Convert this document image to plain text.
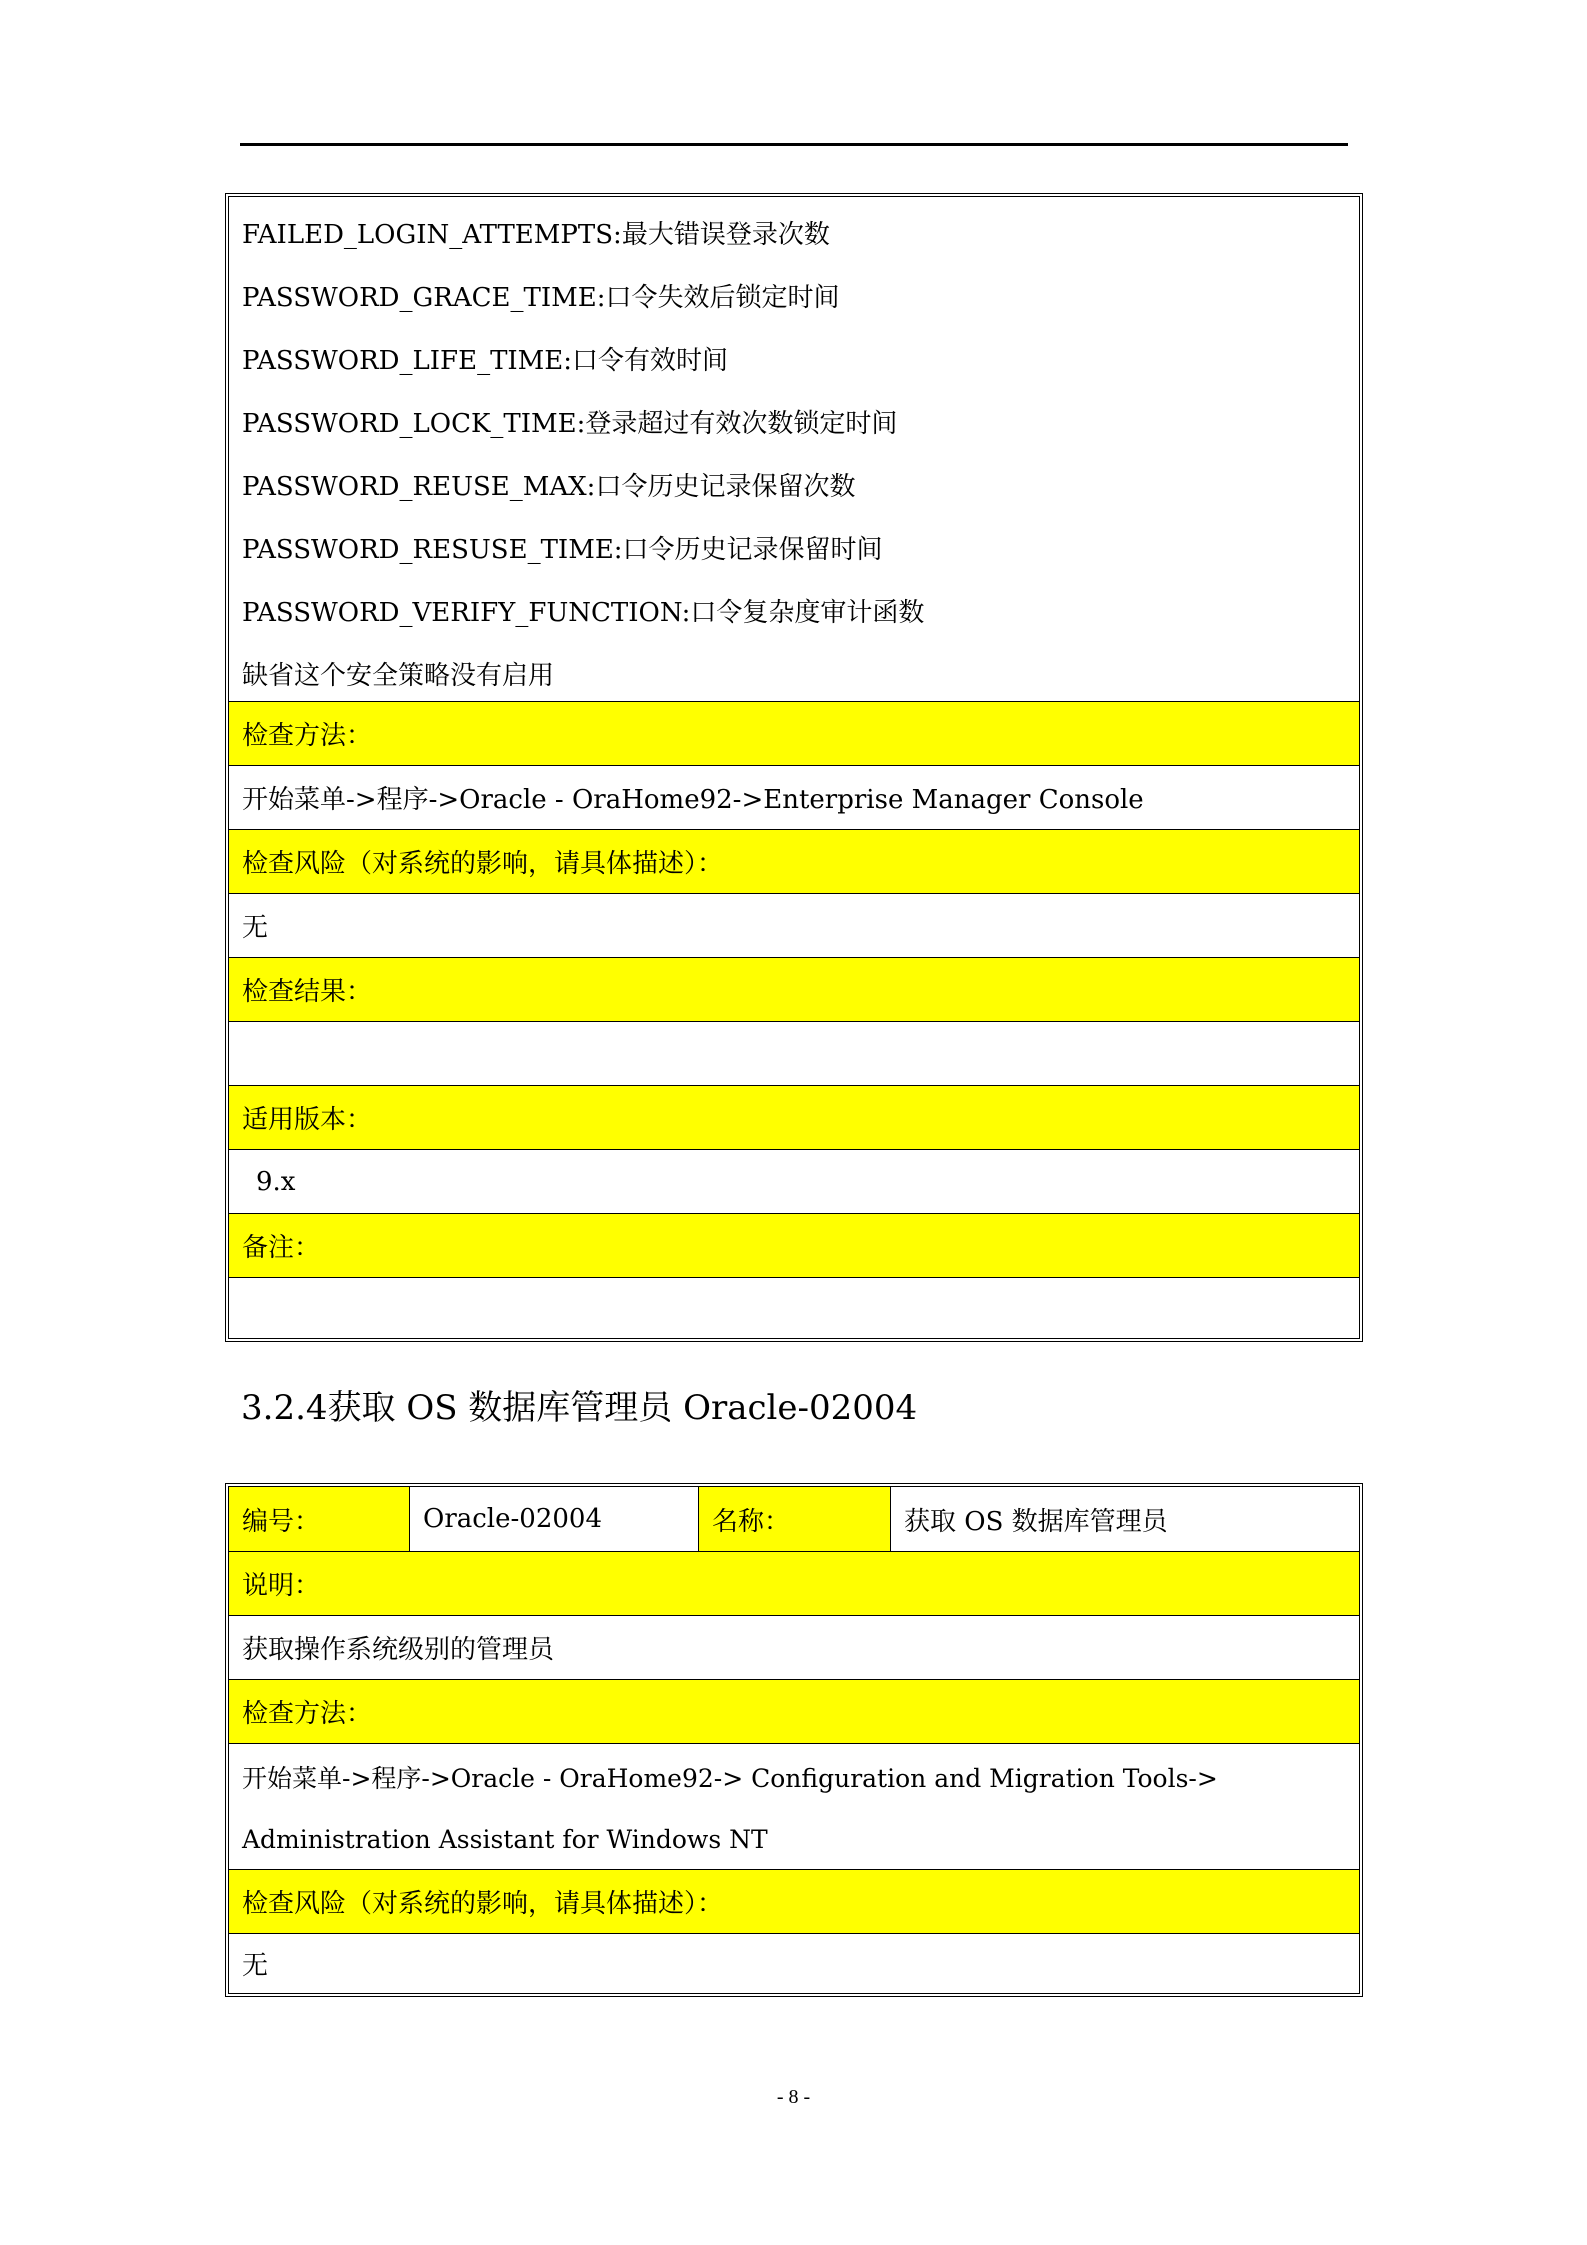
FAILED_LOGIN_ATTEMPTS:最大错误登录次数
PASSWORD_GRACE_TIME:口令失效后锁定时间
PASSWORD_LIFE_TIME:口令有效时间
PASSWORD_LOCK_TIME:登录超过有效次数锁定时间
PASSWORD_REUSE_MAX:口令历史记录保留次数
PASSWORD_RESUSE_TIME:口令历史记录保留时间
PASSWORD_VERIFY_FUNCTION:口令复杂度审计函数
缺省这个安全策略没有启用
检查方法：
开始菜单->程序->Oracle - OraHome92->Enterprise Manager Console
检查风险（对系统的影响，请具体描述）：
无
检查结果：
适用版本：
9.x
备注：
3.2.4获取 OS 数据库管理员 Oracle-02004
编号：	Oracle-02004	名称：	获取 OS 数据库管理员
说明：
获取操作系统级别的管理员
检查方法：
开始菜单->程序->Oracle - OraHome92-> Configuration and Migration Tools->
Administration Assistant for Windows NT
检查风险（对系统的影响，请具体描述）：
无
- 8 -
